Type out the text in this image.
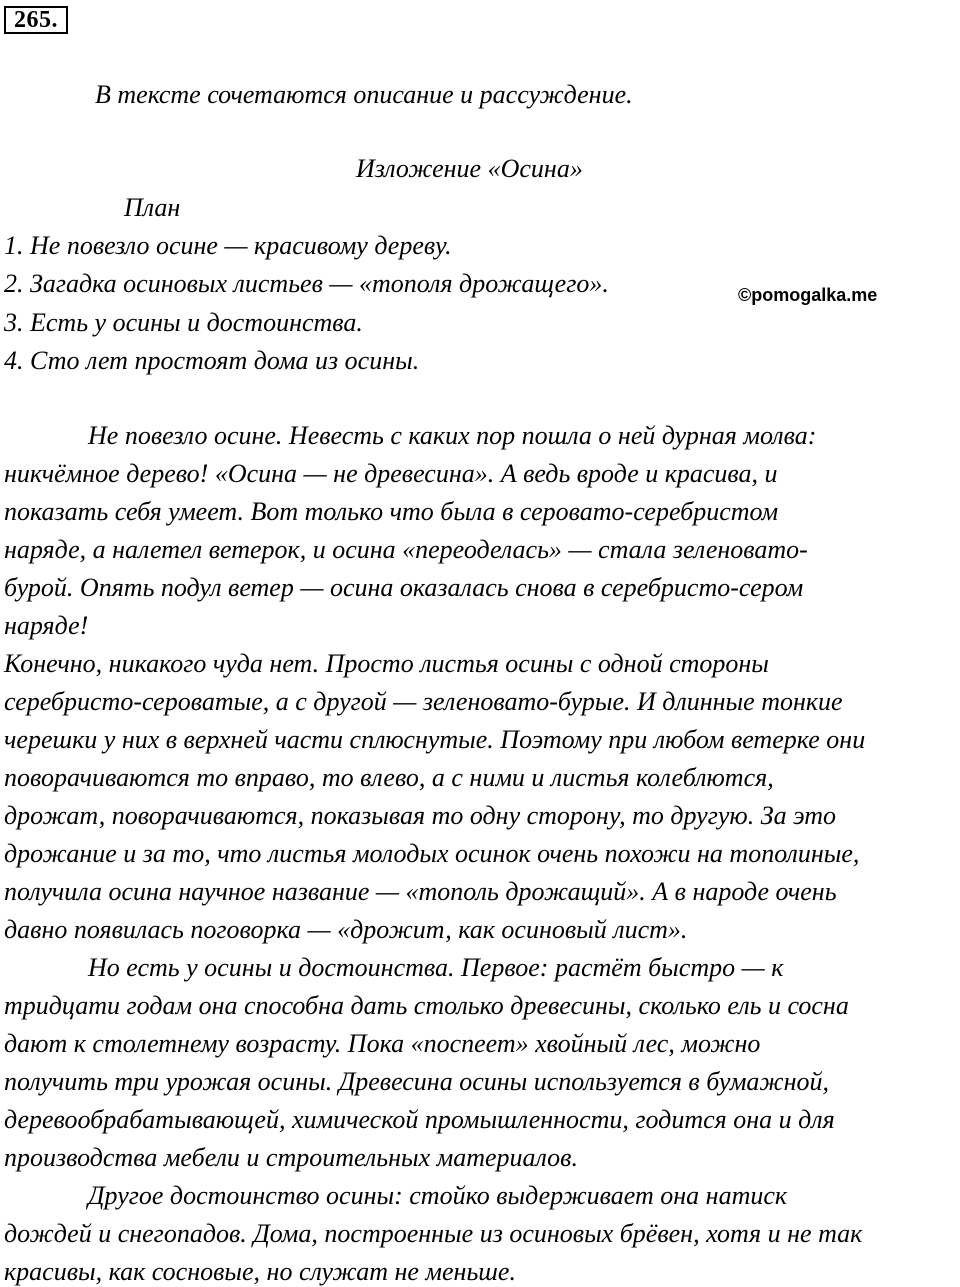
265.
В тексте сочетаются описание и рассуждение.
Изложение «Осина»
План
1. Не повезло осине — красивому дереву.
2. Загадка осиновых листьев — «тополя дрожащего».
3. Есть у осины и достоинства.
4. Сто лет простоят дома из осины.
©pomogalka.me
Не повезло осине. Невесть с каких пор пошла о ней дурная молва:
никчёмное дерево! «Осина — не древесина». А ведь вроде и красива, и
показать себя умеет. Вот только что была в серовато-серебристом
наряде, а налетел ветерок, и осина «переоделась» — стала зеленовато-
бурой. Опять подул ветер — осина оказалась снова в серебристо-сером
наряде!
Конечно, никакого чуда нет. Просто листья осины с одной стороны
серебристо-сероватые, а с другой — зеленовато-бурые. И длинные тонкие
черешки у них в верхней части сплюснутые. Поэтому при любом ветерке они
поворачиваются то вправо, то влево, а с ними и листья колеблются,
дрожат, поворачиваются, показывая то одну сторону, то другую. За это
дрожание и за то, что листья молодых осинок очень похожи на тополиные,
получила осина научное название — «тополь дрожащий». А в народе очень
давно появилась поговорка — «дрожит, как осиновый лист».
Но есть у осины и достоинства. Первое: растёт быстро — к
тридцати годам она способна дать столько древесины, сколько ель и сосна
дают к столетнему возрасту. Пока «поспеет» хвойный лес, можно
получить три урожая осины. Древесина осины используется в бумажной,
деревообрабатывающей, химической промышленности, годится она и для
производства мебели и строительных материалов.
Другое достоинство осины: стойко выдерживает она натиск
дождей и снегопадов. Дома, построенные из осиновых брёвен, хотя и не так
красивы, как сосновые, но служат не меньше.
